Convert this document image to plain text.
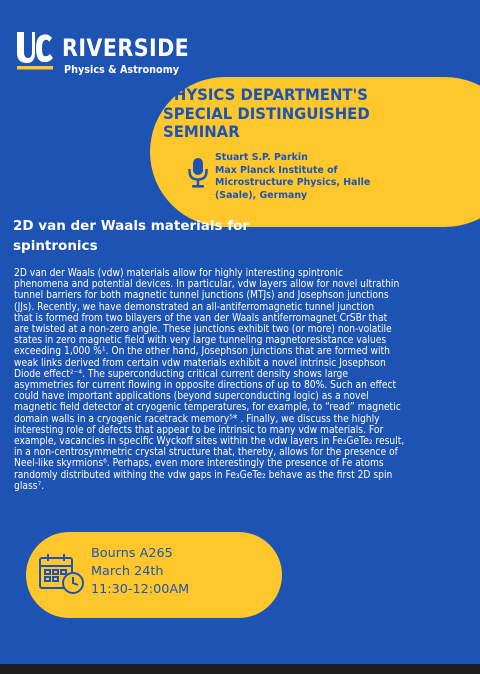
RIVERSIDE
Physics & Astronomy
PHYSICS DEPARTMENT'S
SPECIAL DISTINGUISHED
SEMINAR
Stuart S.P. Parkin
Max Planck Institute of
Microstructure Physics, Halle
(Saale), Germany
2D van der Waals materials for
spintronics

2D van der Waals (vdw) materials allow for highly interesting spintronic

phenomena and potential devices. In particular, vdw layers allow for novel ultrathin

tunnel barriers for both magnetic tunnel junctions (MTJs) and Josephson junctions

(JJs). Recently, we have demonstrated an all-antiferromagnetic tunnel junction

that is formed from two bilayers of the van der Waals antiferromagnet CrSBr that

are twisted at a non-zero angle. These junctions exhibit two (or more) non-volatile

states in zero magnetic field with very large tunneling magnetoresistance values

exceeding 1,000 %¹. On the other hand, Josephson junctions that are formed with

weak links derived from certain vdw materials exhibit a novel intrinsic Josephson

Diode effect²⁻⁴. The superconducting critical current density shows large

asymmetries for current flowing in opposite directions of up to 80%. Such an effect

could have important applications (beyond superconducting logic) as a novel

magnetic field detector at cryogenic temperatures, for example, to “read” magnetic

domain walls in a cryogenic racetrack memory⁵* . Finally, we discuss the highly

interesting role of defects that appear to be intrinsic to many vdw materials. For

example, vacancies in specific Wyckoff sites within the vdw layers in Fe₃GeTe₂ result,

in a non-centrosymmetric crystal structure that, thereby, allows for the presence of

Neel-like skyrmions⁶. Perhaps, even more interestingly the presence of Fe atoms

randomly distributed withing the vdw gaps in Fe₃GeTe₂ behave as the first 2D spin

glass⁷.

Bourns A265
March 24th
11:30-12:00AM
